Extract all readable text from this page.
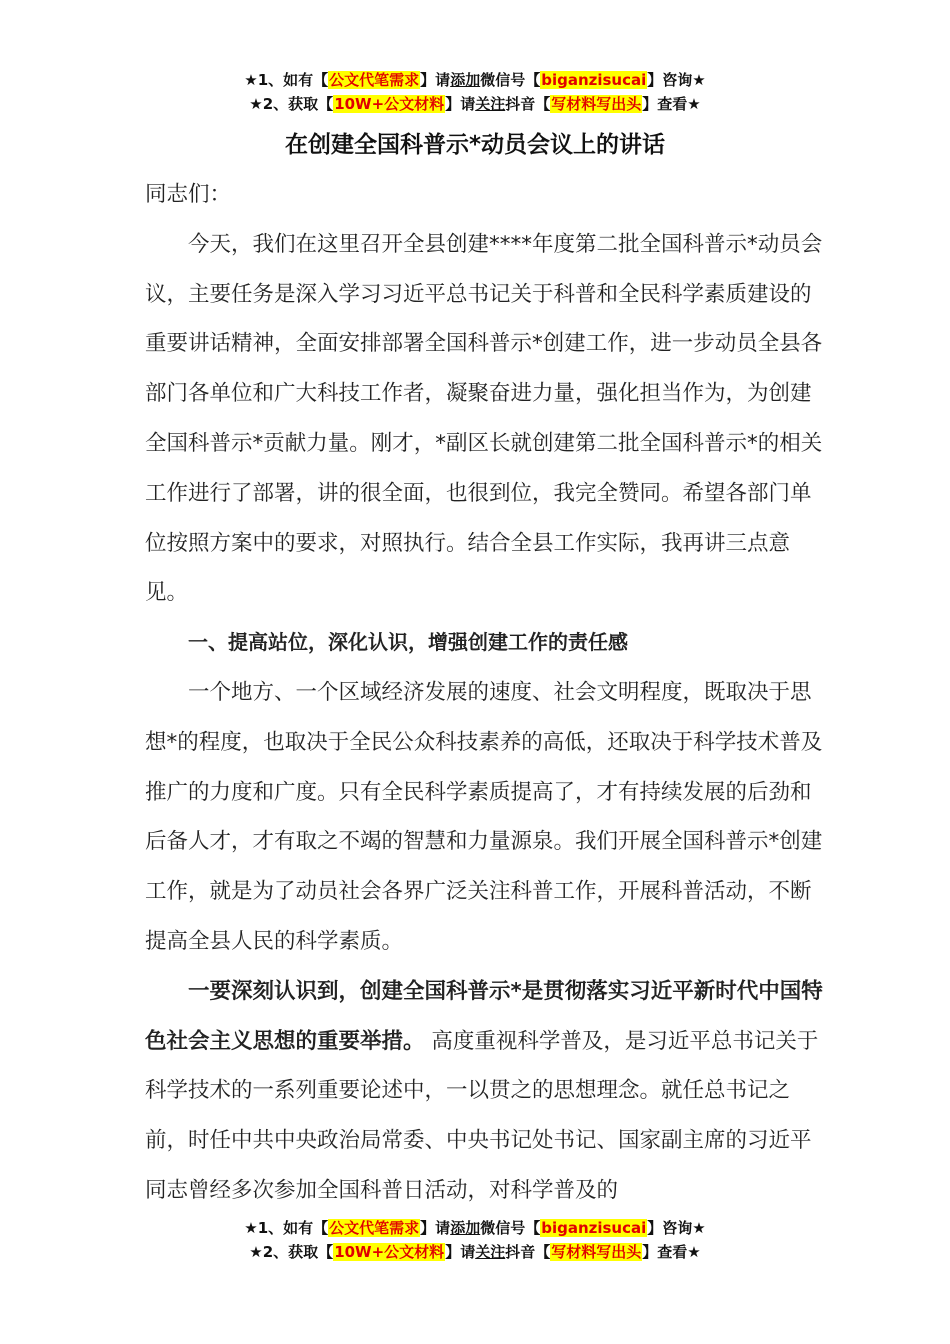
★1、如有【公文代笔需求】请添加微信号【biganzisucai】咨询★
★2、获取【10W+公文材料】请关注抖音【写材料写出头】查看★
在创建全国科普示*动员会议上的讲话

同志们：

今天，我们在这里召开全县创建****年度第二批全国科普示*动员会议，主要任务是深入学习习近平总书记关于科普和全民科学素质建设的重要讲话精神，全面安排部署全国科普示*创建工作，进一步动员全县各部门各单位和广大科技工作者，凝聚奋进力量，强化担当作为，为创建全国科普示*贡献力量。刚才，*副区长就创建第二批全国科普示*的相关工作进行了部署，讲的很全面，也很到位，我完全赞同。希望各部门单位按照方案中的要求，对照执行。结合全县工作实际，我再讲三点意见。

一、提高站位，深化认识，增强创建工作的责任感

一个地方、一个区域经济发展的速度、社会文明程度，既取决于思想*的程度，也取决于全民公众科技素养的高低，还取决于科学技术普及推广的力度和广度。只有全民科学素质提高了，才有持续发展的后劲和后备人才，才有取之不竭的智慧和力量源泉。我们开展全国科普示*创建工作，就是为了动员社会各界广泛关注科普工作，开展科普活动，不断提高全县人民的科学素质。

一要深刻认识到，创建全国科普示*是贯彻落实习近平新时代中国特色社会主义思想的重要举措。 高度重视科学普及，是习近平总书记关于科学技术的一系列重要论述中，一以贯之的思想理念。就任总书记之前，时任中共中央政治局常委、中央书记处书记、国家副主席的习近平同志曾经多次参加全国科普日活动，对科学普及的

★1、如有【公文代笔需求】请添加微信号【biganzisucai】咨询★
★2、获取【10W+公文材料】请关注抖音【写材料写出头】查看★
